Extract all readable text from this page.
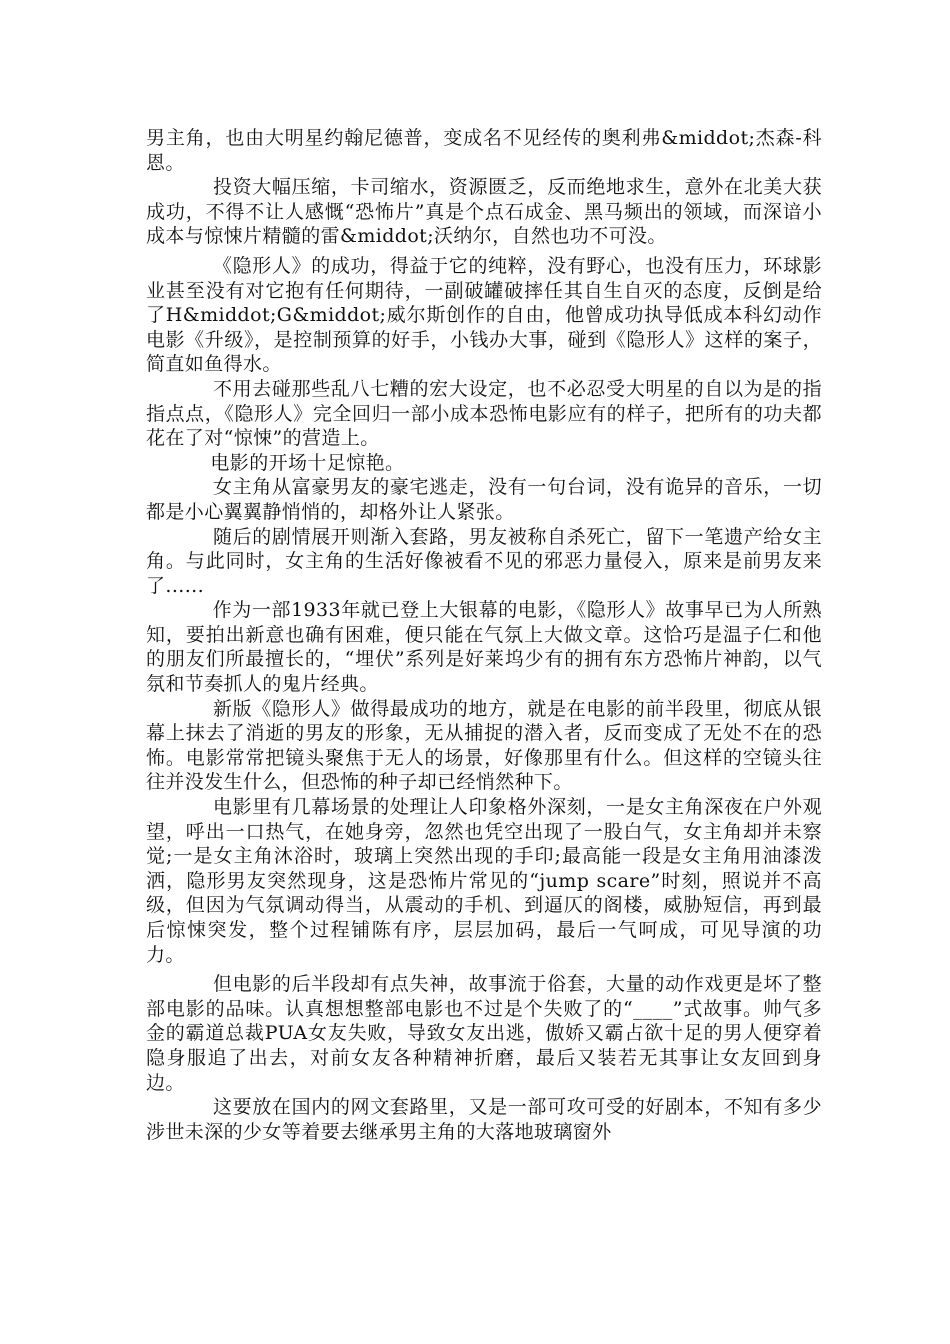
男主角，也由大明星约翰尼德普，变成名不见经传的奥利弗&middot;杰森-科恩。

投资大幅压缩，卡司缩水，资源匮乏，反而绝地求生，意外在北美大获成功，不得不让人感慨“恐怖片”真是个点石成金、黑马频出的领域，而深谙小成本与惊悚片精髓的雷&middot;沃纳尔，自然也功不可没。

《隐形人》的成功，得益于它的纯粹，没有野心，也没有压力，环球影业甚至没有对它抱有任何期待，一副破罐破摔任其自生自灭的态度，反倒是给了H&middot;G&middot;威尔斯创作的自由，他曾成功执导低成本科幻动作电影《升级》，是控制预算的好手，小钱办大事，碰到《隐形人》这样的案子，简直如鱼得水。

不用去碰那些乱八七糟的宏大设定，也不必忍受大明星的自以为是的指指点点，《隐形人》完全回归一部小成本恐怖电影应有的样子，把所有的功夫都花在了对“惊悚”的营造上。

电影的开场十足惊艳。

女主角从富豪男友的豪宅逃走，没有一句台词，没有诡异的音乐，一切都是小心翼翼静悄悄的，却格外让人紧张。

随后的剧情展开则渐入套路，男友被称自杀死亡，留下一笔遗产给女主角。与此同时，女主角的生活好像被看不见的邪恶力量侵入，原来是前男友来了......

作为一部1933年就已登上大银幕的电影，《隐形人》故事早已为人所熟知，要拍出新意也确有困难，便只能在气氛上大做文章。这恰巧是温子仁和他的朋友们所最擅长的，“埋伏”系列是好莱坞少有的拥有东方恐怖片神韵，以气氛和节奏抓人的鬼片经典。

新版《隐形人》做得最成功的地方，就是在电影的前半段里，彻底从银幕上抹去了消逝的男友的形象，无从捕捉的潜入者，反而变成了无处不在的恐怖。电影常常把镜头聚焦于无人的场景，好像那里有什么。但这样的空镜头往往并没发生什么，但恐怖的种子却已经悄然种下。

电影里有几幕场景的处理让人印象格外深刻，一是女主角深夜在户外观望，呼出一口热气，在她身旁，忽然也凭空出现了一股白气，女主角却并未察觉;一是女主角沐浴时，玻璃上突然出现的手印;最高能一段是女主角用油漆泼洒，隐形男友突然现身，这是恐怖片常见的“jump scare”时刻，照说并不高级，但因为气氛调动得当，从震动的手机、到逼仄的阁楼，威胁短信，再到最后惊悚突发，整个过程铺陈有序，层层加码，最后一气呵成，可见导演的功力。

但电影的后半段却有点失神，故事流于俗套，大量的动作戏更是坏了整部电影的品味。认真想想整部电影也不过是个失败了的“____”式故事。帅气多金的霸道总裁PUA女友失败，导致女友出逃，傲娇又霸占欲十足的男人便穿着隐身服追了出去，对前女友各种精神折磨，最后又装若无其事让女友回到身边。

这要放在国内的网文套路里，又是一部可攻可受的好剧本，不知有多少涉世未深的少女等着要去继承男主角的大落地玻璃窗外
